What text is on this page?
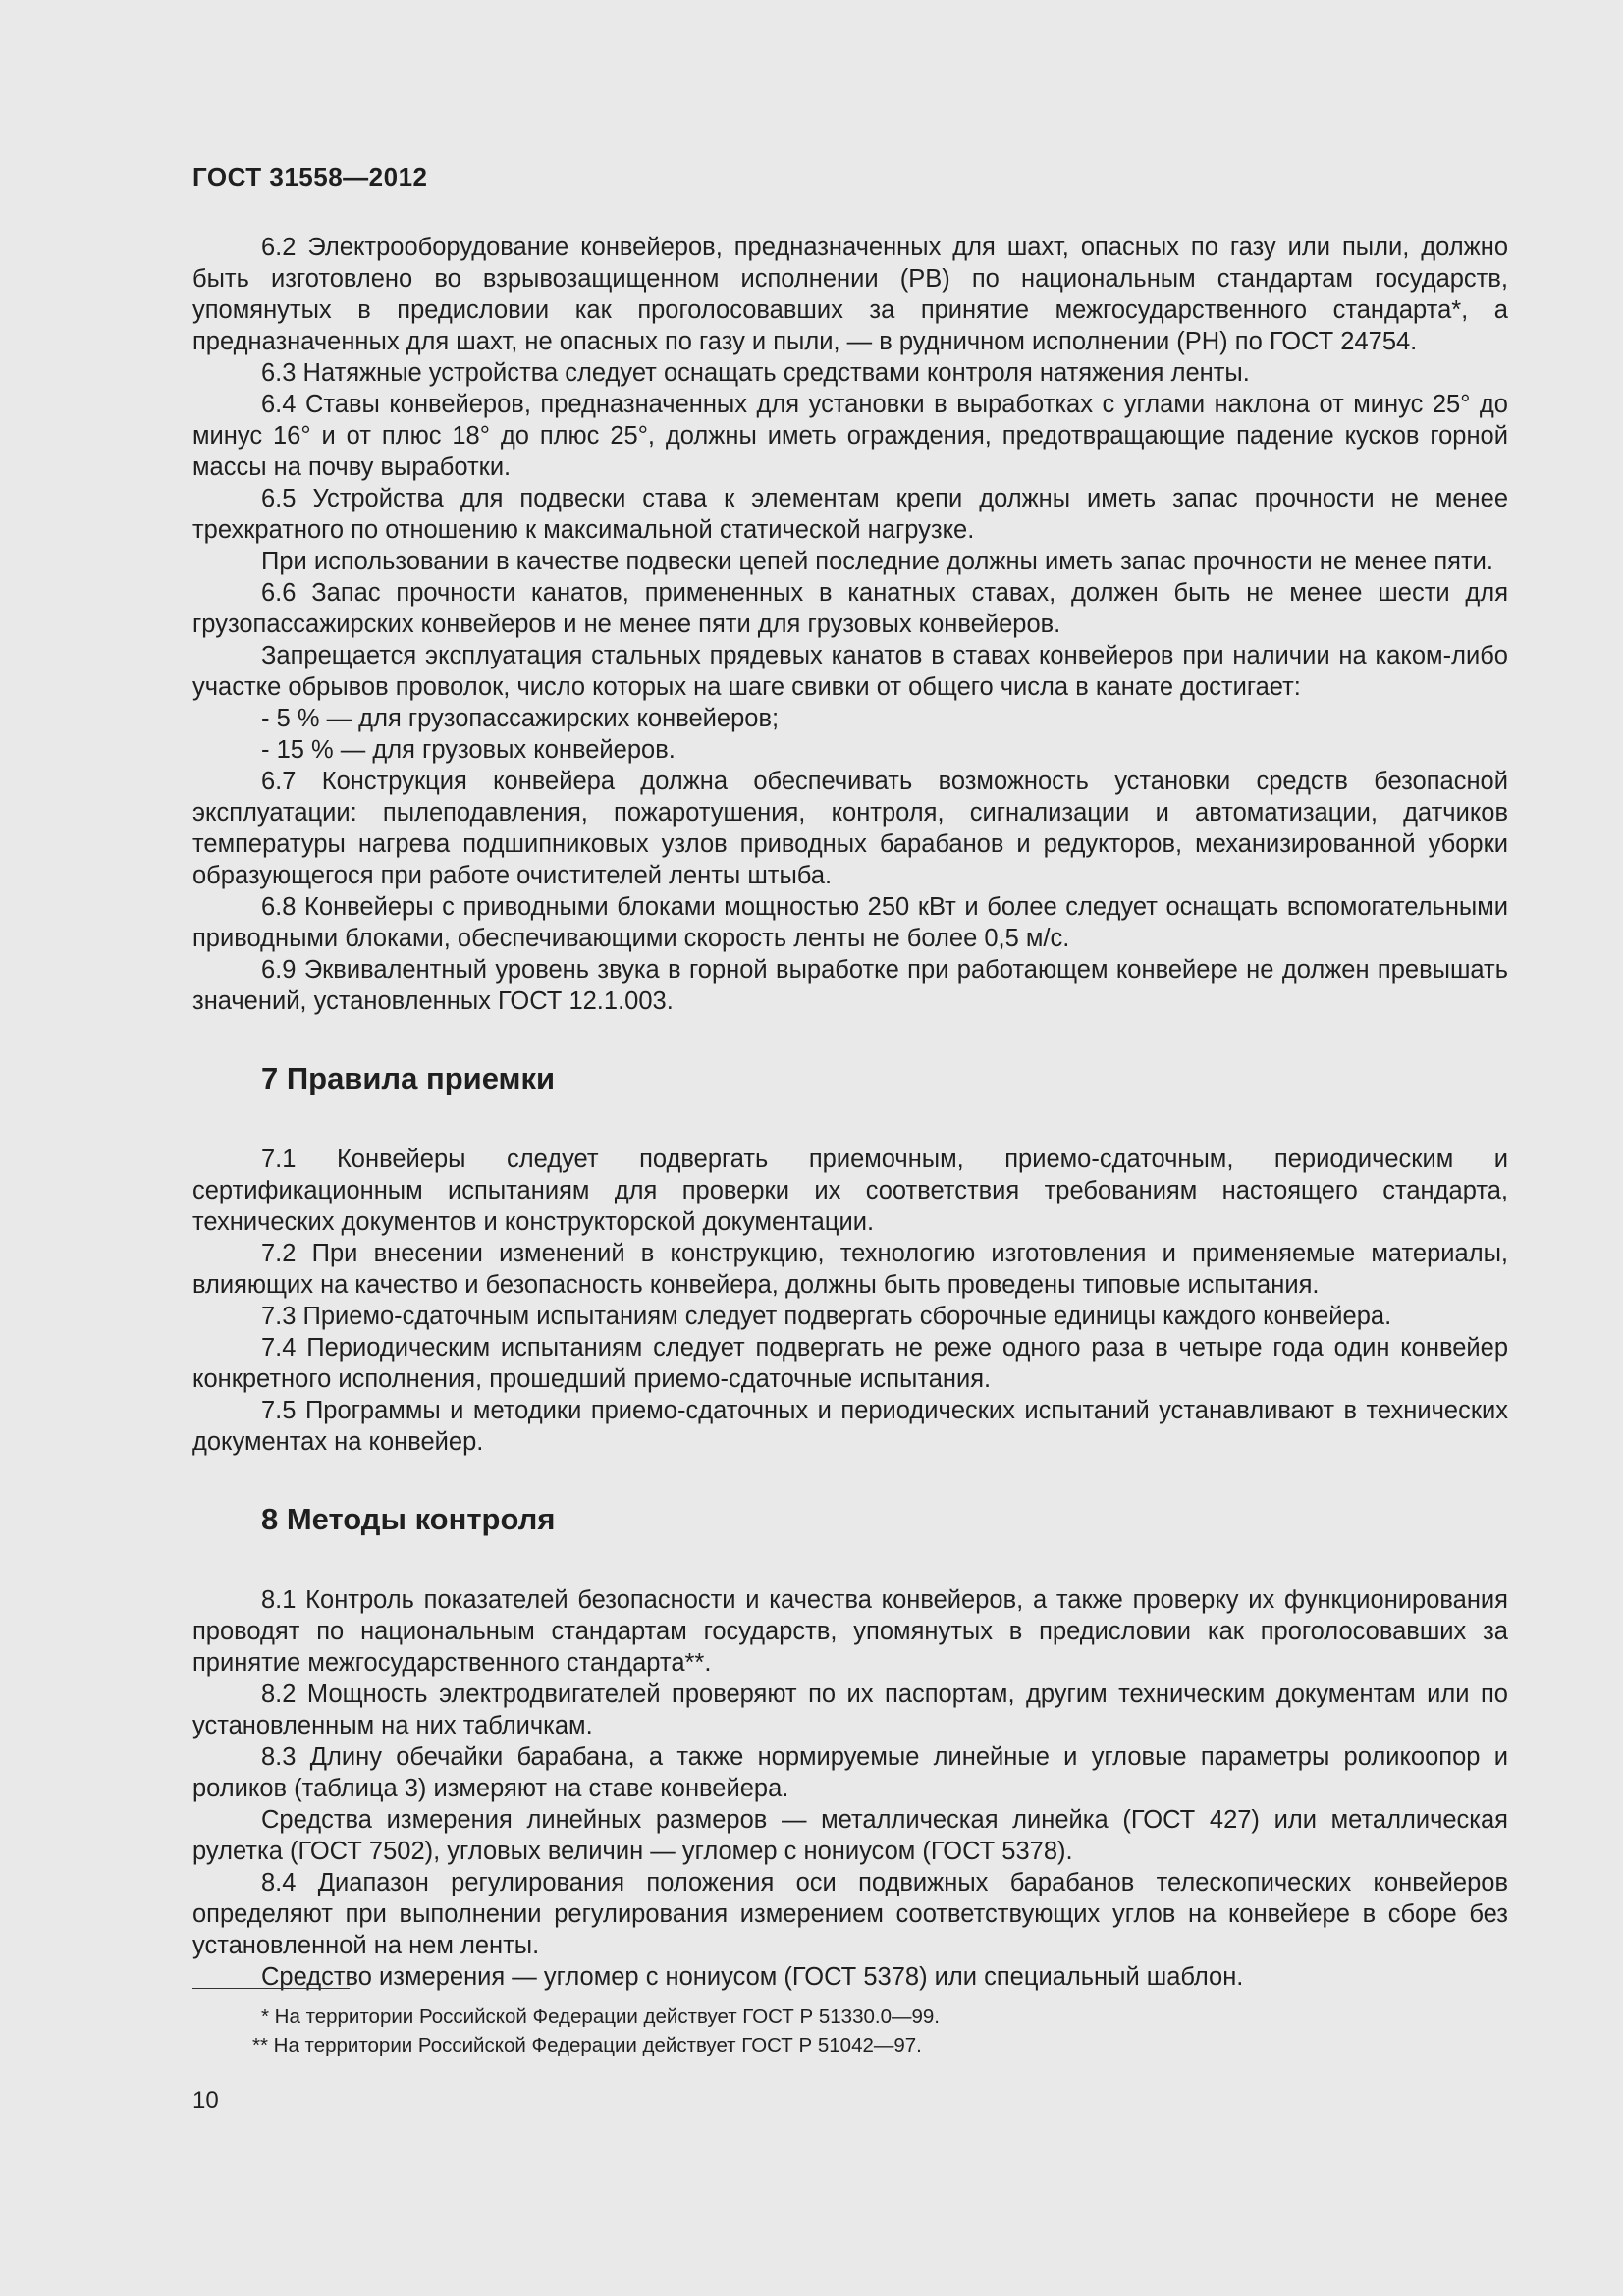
ГОСТ 31558—2012

6.2 Электрооборудование конвейеров, предназначенных для шахт, опасных по газу или пыли, должно быть изготовлено во взрывозащищенном исполнении (РВ) по национальным стандартам государств, упомянутых в предисловии как проголосовавших за принятие межгосударственного стандарта*, а предназначенных для шахт, не опасных по газу и пыли, — в рудничном исполнении (РН) по ГОСТ 24754.

6.3 Натяжные устройства следует оснащать средствами контроля натяжения ленты.

6.4 Ставы конвейеров, предназначенных для установки в выработках с углами наклона от минус 25° до минус 16° и от плюс 18° до плюс 25°, должны иметь ограждения, предотвращающие падение кусков горной массы на почву выработки.

6.5 Устройства для подвески става к элементам крепи должны иметь запас прочности не менее трехкратного по отношению к максимальной статической нагрузке.

При использовании в качестве подвески цепей последние должны иметь запас прочности не менее пяти.

6.6 Запас прочности канатов, примененных в канатных ставах, должен быть не менее шести для грузопассажирских конвейеров и не менее пяти для грузовых конвейеров.

Запрещается эксплуатация стальных прядевых канатов в ставах конвейеров при наличии на каком-либо участке обрывов проволок, число которых на шаге свивки от общего числа в канате достигает:

- 5 % — для грузопассажирских конвейеров;

- 15 % — для грузовых конвейеров.

6.7 Конструкция конвейера должна обеспечивать возможность установки средств безопасной эксплуатации: пылеподавления, пожаротушения, контроля, сигнализации и автоматизации, датчиков температуры нагрева подшипниковых узлов приводных барабанов и редукторов, механизированной уборки образующегося при работе очистителей ленты штыба.

6.8 Конвейеры с приводными блоками мощностью 250 кВт и более следует оснащать вспомогательными приводными блоками, обеспечивающими скорость ленты не более 0,5 м/с.

6.9 Эквивалентный уровень звука в горной выработке при работающем конвейере не должен превышать значений, установленных ГОСТ 12.1.003.

7 Правила приемки

7.1 Конвейеры следует подвергать приемочным, приемо-сдаточным, периодическим и сертификационным испытаниям для проверки их соответствия требованиям настоящего стандарта, технических документов и конструкторской документации.

7.2 При внесении изменений в конструкцию, технологию изготовления и применяемые материалы, влияющих на качество и безопасность конвейера, должны быть проведены типовые испытания.

7.3 Приемо-сдаточным испытаниям следует подвергать сборочные единицы каждого конвейера.

7.4 Периодическим испытаниям следует подвергать не реже одного раза в четыре года один конвейер конкретного исполнения, прошедший приемо-сдаточные испытания.

7.5 Программы и методики приемо-сдаточных и периодических испытаний устанавливают в технических документах на конвейер.

8 Методы контроля

8.1 Контроль показателей безопасности и качества конвейеров, а также проверку их функционирования проводят по национальным стандартам государств, упомянутых в предисловии как проголосовавших за принятие межгосударственного стандарта**.

8.2 Мощность электродвигателей проверяют по их паспортам, другим техническим документам или по установленным на них табличкам.

8.3 Длину обечайки барабана, а также нормируемые линейные и угловые параметры роликоопор и роликов (таблица 3) измеряют на ставе конвейера.

Средства измерения линейных размеров — металлическая линейка (ГОСТ 427) или металлическая рулетка (ГОСТ 7502), угловых величин — угломер с нониусом (ГОСТ 5378).

8.4 Диапазон регулирования положения оси подвижных барабанов телескопических конвейеров определяют при выполнении регулирования измерением соответствующих углов на конвейере в сборе без установленной на нем ленты.

Средство измерения — угломер с нониусом (ГОСТ 5378) или специальный шаблон.

* На территории Российской Федерации действует ГОСТ Р 51330.0—99.
** На территории Российской Федерации действует ГОСТ Р 51042—97.
10
